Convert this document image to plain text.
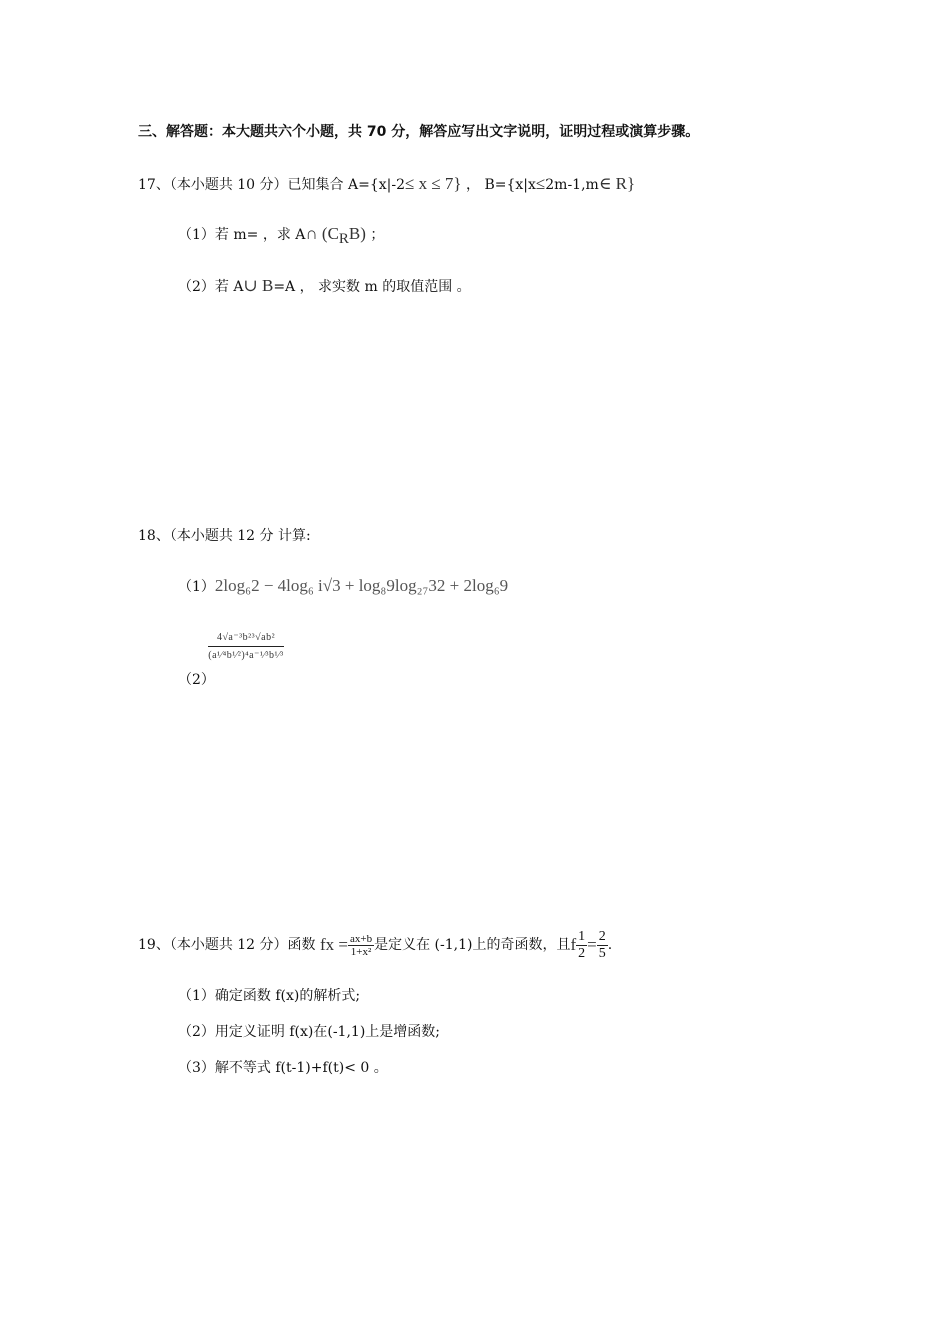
三、解答题：本大题共六个小题，共 70 分，解答应写出文字说明，证明过程或演算步骤。
17、（本小题共 10 分）已知集合 A={x|-2≤ x ≤ 7} ， B={x|x≤2m-1,m∈ R}
（1）若 m= ，求 A∩ $(C_RB)$ ；
（2）若 A∪ B=A ， 求实数 m 的取值范围 。
18、（本小题共 12 分 计算:
（1）2log₆2 − 4log₆ i√3 + log₈9log₂₇32 + 2log₆9
（2）
$\frac{\text{4√a⁻³b²³√ab²}}{\text{(a¹⁄⁴b¹⁄²)⁴a⁻¹⁄³b¹⁄³}}$
19、（本小题共 12 分）函数 fx = $\frac{ax+b}{\text{1+x²}}$ 是定义在 (-1,1)上的奇函数，且f $\frac{1}{2} = \frac{2}{5}$ .
（1）确定函数 f(x)的解析式;
（2）用定义证明 f(x)在(-1,1)上是增函数;
（3）解不等式 f(t-1)+f(t)< 0 。
